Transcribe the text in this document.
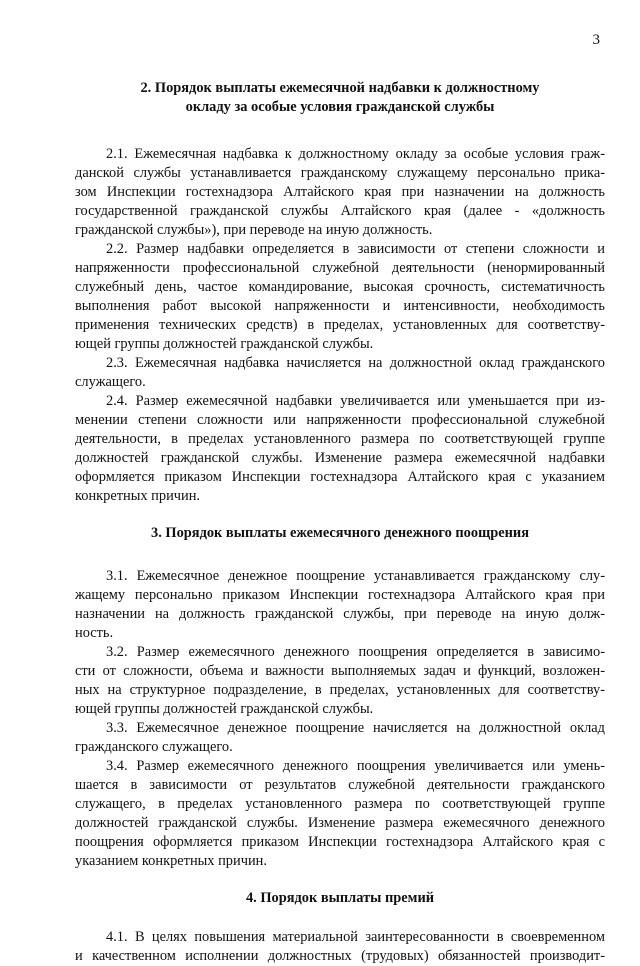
3
2. Порядок выплаты ежемесячной надбавки к должностному
окладу за особые условия гражданской службы

2.1. Ежемесячная надбавка к должностному окладу за особые условия граж-
данской службы устанавливается гражданскому служащему персонально прика-
зом Инспекции гостехнадзора Алтайского края при назначении на должность
государственной гражданской службы Алтайского края (далее - «должность
гражданской службы»), при переводе на иную должность.

2.2. Размер надбавки определяется в зависимости от степени сложности и
напряженности профессиональной служебной деятельности (ненормированный
служебный день, частое командирование, высокая срочность, систематичность
выполнения работ высокой напряженности и интенсивности, необходимость
применения технических средств) в пределах, установленных для соответству-
ющей группы должностей гражданской службы.

2.3. Ежемесячная надбавка начисляется на должностной оклад гражданского
служащего.

2.4. Размер ежемесячной надбавки увеличивается или уменьшается при из-
менении степени сложности или напряженности профессиональной служебной
деятельности, в пределах установленного размера по соответствующей группе
должностей гражданской службы. Изменение размера ежемесячной надбавки
оформляется приказом Инспекции гостехнадзора Алтайского края с указанием
конкретных причин.

3. Порядок выплаты ежемесячного денежного поощрения

3.1. Ежемесячное денежное поощрение устанавливается гражданскому слу-
жащему персонально приказом Инспекции гостехнадзора Алтайского края при
назначении на должность гражданской службы, при переводе на иную долж-
ность.

3.2. Размер ежемесячного денежного поощрения определяется в зависимо-
сти от сложности, объема и важности выполняемых задач и функций, возложен-
ных на структурное подразделение, в пределах, установленных для соответству-
ющей группы должностей гражданской службы.

3.3. Ежемесячное денежное поощрение начисляется на должностной оклад
гражданского служащего.

3.4. Размер ежемесячного денежного поощрения увеличивается или умень-
шается в зависимости от результатов служебной деятельности гражданского
служащего, в пределах установленного размера по соответствующей группе
должностей гражданской службы. Изменение размера ежемесячного денежного
поощрения оформляется приказом Инспекции гостехнадзора Алтайского края с
указанием конкретных причин.

4. Порядок выплаты премий

4.1. В целях повышения материальной заинтересованности в своевременном
и качественном исполнении должностных (трудовых) обязанностей производит-
